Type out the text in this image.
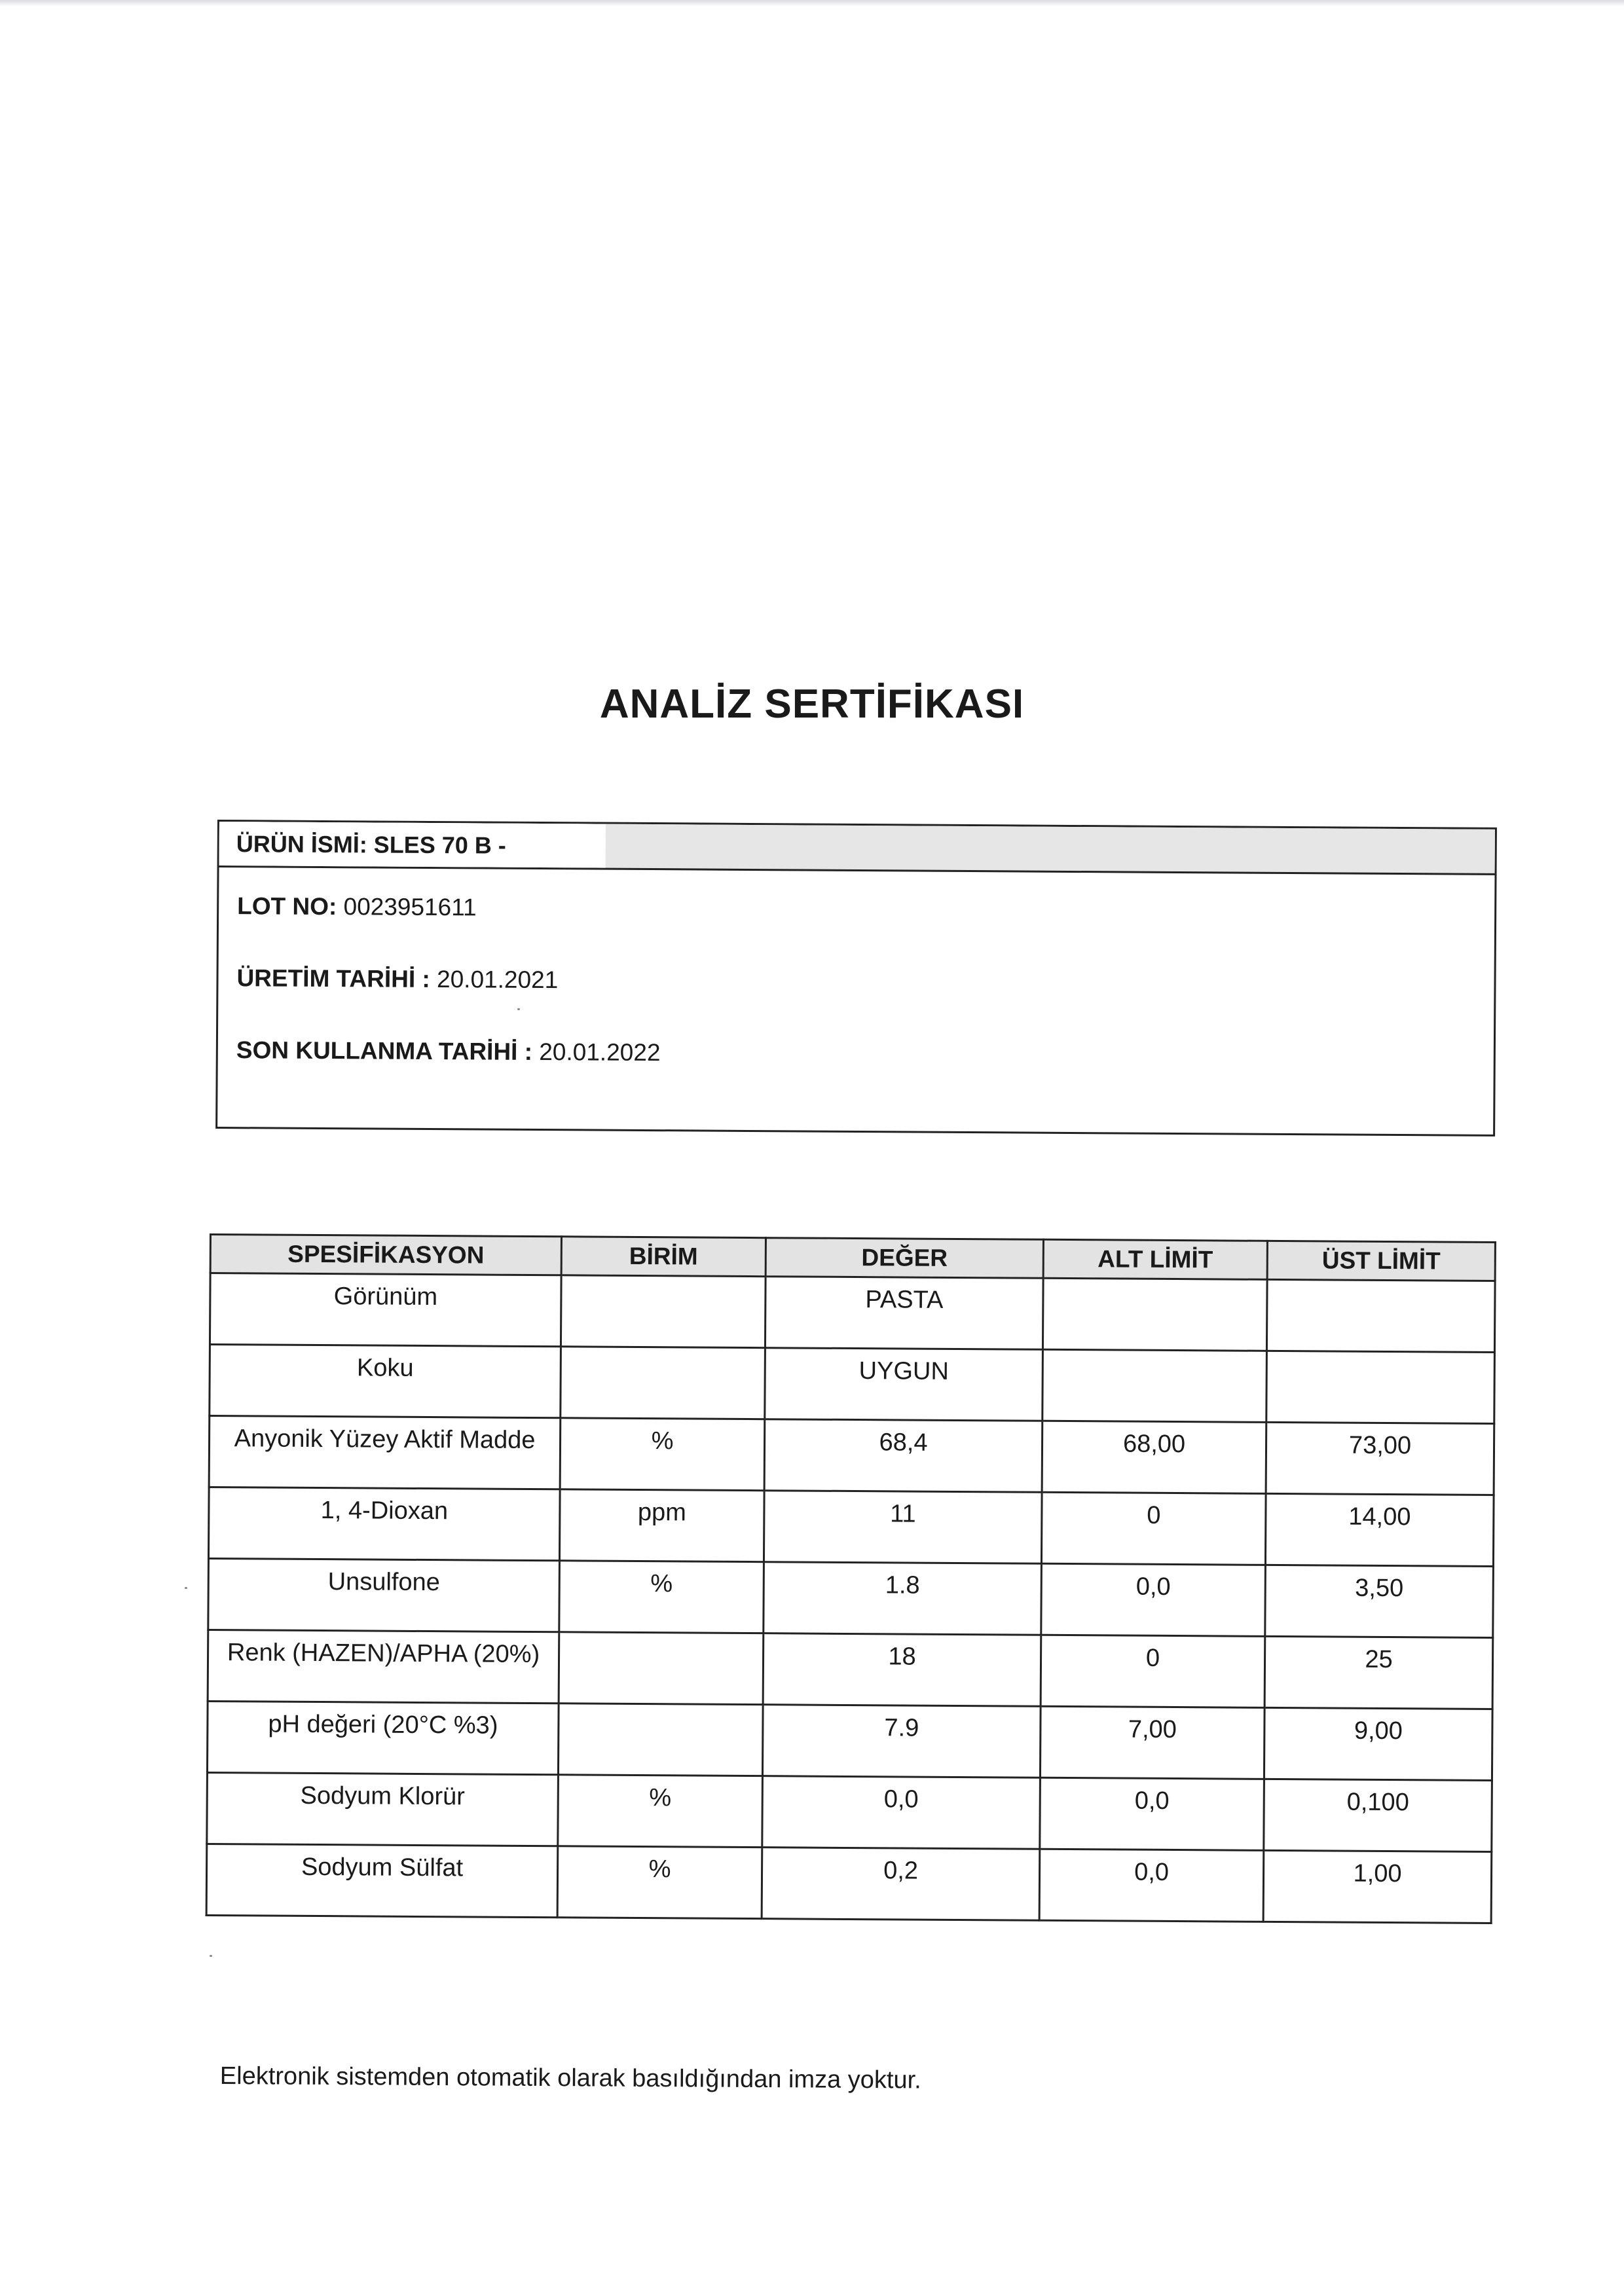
ANALİZ SERTİFİKASI
ÜRÜN İSMİ: SLES 70 B -
LOT NO: 0023951611
ÜRETİM TARİHİ : 20.01.2021
SON KULLANMA TARİHİ : 20.01.2022
SPESİFİKASYON	BİRİM	DEĞER	ALT LİMİT	ÜST LİMİT
Görünüm		PASTA		
Koku		UYGUN		
Anyonik Yüzey Aktif Madde	%	68,4	68,00	73,00
1, 4-Dioxan	ppm	11	0	14,00
Unsulfone	%	1.8	0,0	3,50
Renk (HAZEN)/APHA (20%)		18	0	25
pH değeri (20°C %3)		7.9	7,00	9,00
Sodyum Klorür	%	0,0	0,0	0,100
Sodyum Sülfat	%	0,2	0,0	1,00
Elektronik sistemden otomatik olarak basıldığından imza yoktur.
